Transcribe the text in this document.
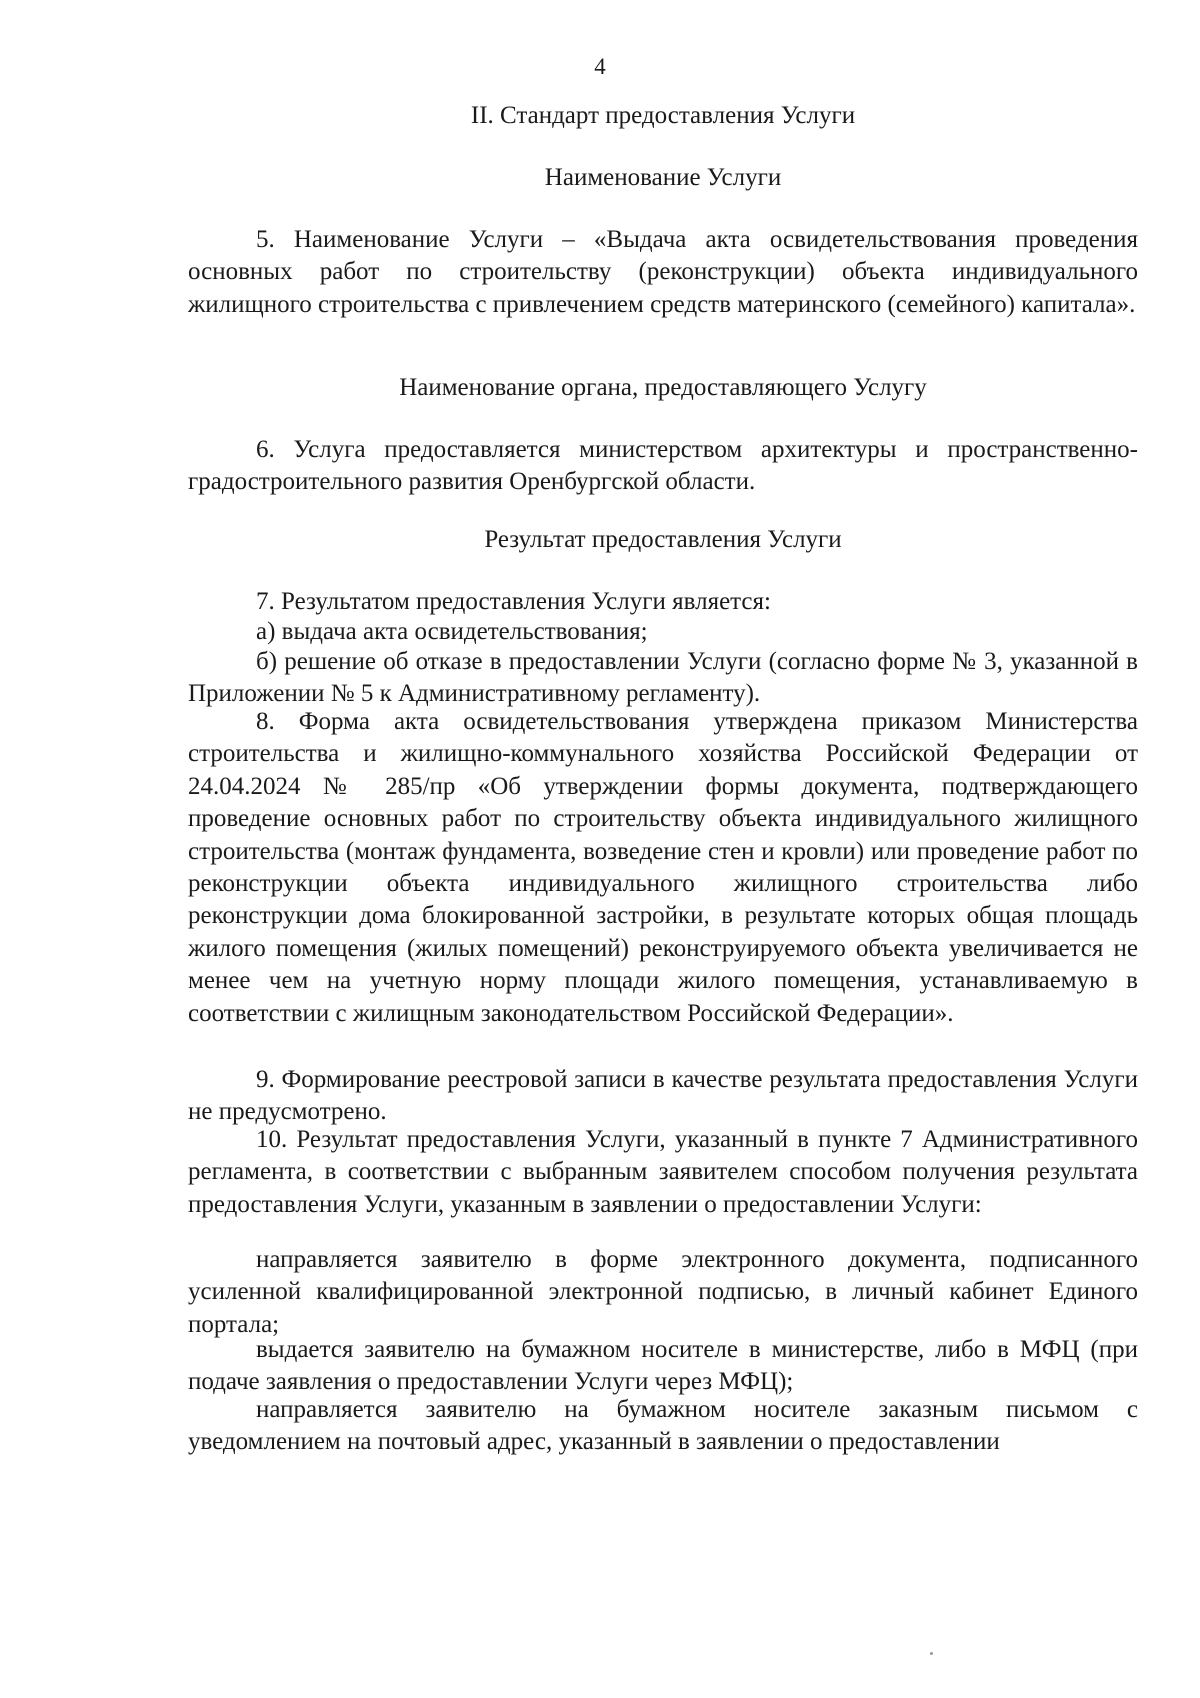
4
II. Стандарт предоставления Услуги
Наименование Услуги

5. Наименование Услуги – «Выдача акта освидетельствования проведения основных работ по строительству (реконструкции) объекта индивидуального жилищного строительства с привлечением средств материнского (семейного) капитала».

Наименование органа, предоставляющего Услугу

6. Услуга предоставляется министерством архитектуры и пространственно-градостроительного развития Оренбургской области.

Результат предоставления Услуги

7. Результатом предоставления Услуги является:

а) выдача акта освидетельствования;

б) решение об отказе в предоставлении Услуги (согласно форме № 3, указанной в Приложении № 5 к Административному регламенту).

8. Форма акта освидетельствования утверждена приказом Министерства строительства и жилищно-коммунального хозяйства Российской Федерации от 24.04.2024 № 285/пр «Об утверждении формы документа, подтверждающего проведение основных работ по строительству объекта индивидуального жилищного строительства (монтаж фундамента, возведение стен и кровли) или проведение работ по реконструкции объекта индивидуального жилищного строительства либо реконструкции дома блокированной застройки, в результате которых общая площадь жилого помещения (жилых помещений) реконструируемого объекта увеличивается не менее чем на учетную норму площади жилого помещения, устанавливаемую в соответствии с жилищным законодательством Российской Федерации».

9. Формирование реестровой записи в качестве результата предоставления Услуги не предусмотрено.

10. Результат предоставления Услуги, указанный в пункте 7 Административного регламента, в соответствии с выбранным заявителем способом получения результата предоставления Услуги, указанным в заявлении о предоставлении Услуги:

направляется заявителю в форме электронного документа, подписанного усиленной квалифицированной электронной подписью, в личный кабинет Единого портала;

выдается заявителю на бумажном носителе в министерстве, либо в МФЦ (при подаче заявления о предоставлении Услуги через МФЦ);

направляется заявителю на бумажном носителе заказным письмом с уведомлением на почтовый адрес, указанный в заявлении о предоставлении
